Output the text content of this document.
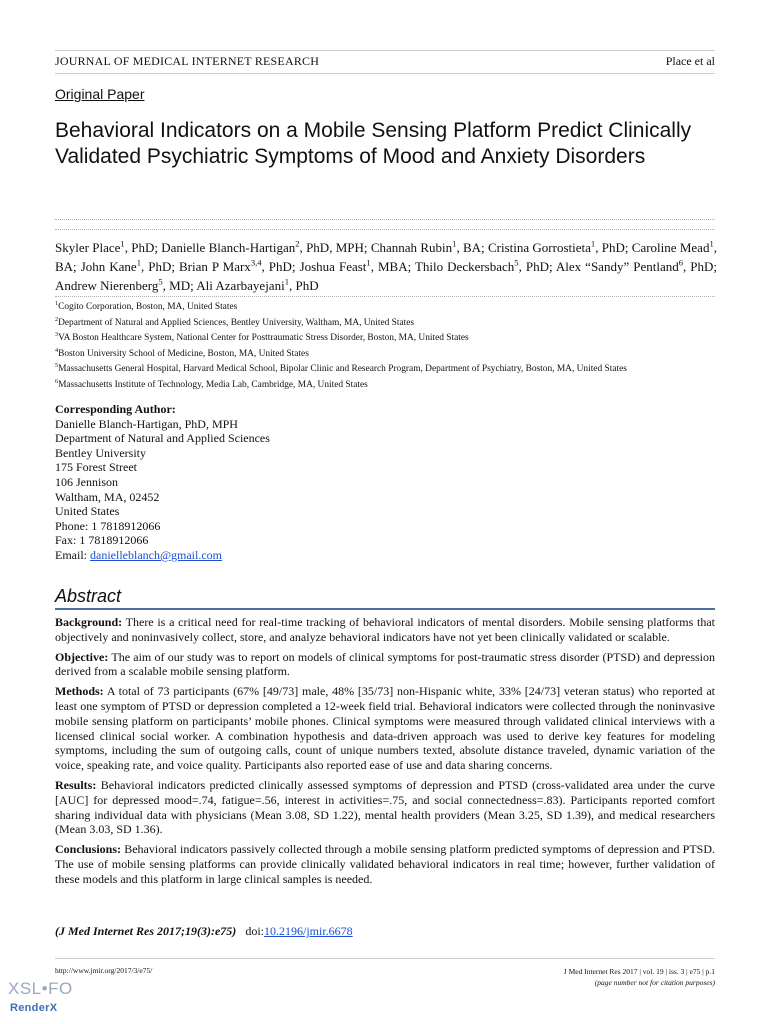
JOURNAL OF MEDICAL INTERNET RESEARCH	Place et al
Original Paper
Behavioral Indicators on a Mobile Sensing Platform Predict Clinically Validated Psychiatric Symptoms of Mood and Anxiety Disorders
Skyler Place$^1$, PhD; Danielle Blanch-Hartigan$^2$, PhD, MPH; Channah Rubin$^1$, BA; Cristina Gorrostieta$^1$, PhD; Caroline Mead$^1$, BA; John Kane$^1$, PhD; Brian P Marx$^{3,4}$, PhD; Joshua Feast$^1$, MBA; Thilo Deckersbach$^5$, PhD; Alex “Sandy” Pentland$^6$, PhD; Andrew Nierenberg$^5$, MD; Ali Azarbayejani$^1$, PhD
$^1$Cogito Corporation, Boston, MA, United States
$^2$Department of Natural and Applied Sciences, Bentley University, Waltham, MA, United States
$^3$VA Boston Healthcare System, National Center for Posttraumatic Stress Disorder, Boston, MA, United States
$^4$Boston University School of Medicine, Boston, MA, United States
$^5$Massachusetts General Hospital, Harvard Medical School, Bipolar Clinic and Research Program, Department of Psychiatry, Boston, MA, United States
$^6$Massachusetts Institute of Technology, Media Lab, Cambridge, MA, United States
Corresponding Author:
Danielle Blanch-Hartigan, PhD, MPH
Department of Natural and Applied Sciences
Bentley University
175 Forest Street
106 Jennison
Waltham, MA, 02452
United States
Phone: 1 7818912066
Fax: 1 7818912066
Email: danielleblanch@gmail.com
Abstract

Background: There is a critical need for real-time tracking of behavioral indicators of mental disorders. Mobile sensing platforms that objectively and noninvasively collect, store, and analyze behavioral indicators have not yet been clinically validated or scalable.

Objective: The aim of our study was to report on models of clinical symptoms for post-traumatic stress disorder (PTSD) and depression derived from a scalable mobile sensing platform.

Methods: A total of 73 participants (67% [49/73] male, 48% [35/73] non-Hispanic white, 33% [24/73] veteran status) who reported at least one symptom of PTSD or depression completed a 12-week field trial. Behavioral indicators were collected through the noninvasive mobile sensing platform on participants’ mobile phones. Clinical symptoms were measured through validated clinical interviews with a licensed clinical social worker. A combination hypothesis and data-driven approach was used to derive key features for modeling symptoms, including the sum of outgoing calls, count of unique numbers texted, absolute distance traveled, dynamic variation of the voice, speaking rate, and voice quality. Participants also reported ease of use and data sharing concerns.

Results: Behavioral indicators predicted clinically assessed symptoms of depression and PTSD (cross-validated area under the curve [AUC] for depressed mood=.74, fatigue=.56, interest in activities=.75, and social connectedness=.83). Participants reported comfort sharing individual data with physicians (Mean 3.08, SD 1.22), mental health providers (Mean 3.25, SD 1.39), and medical researchers (Mean 3.03, SD 1.36).

Conclusions: Behavioral indicators passively collected through a mobile sensing platform predicted symptoms of depression and PTSD. The use of mobile sensing platforms can provide clinically validated behavioral indicators in real time; however, further validation of these models and this platform in large clinical samples is needed.

(J Med Internet Res 2017;19(3):e75) doi:10.2196/jmir.6678
http://www.jmir.org/2017/3/e75/	J Med Internet Res 2017 | vol. 19 | iss. 3 | e75 | p.1
(page number not for citation purposes)
XSL•FO
RenderX
